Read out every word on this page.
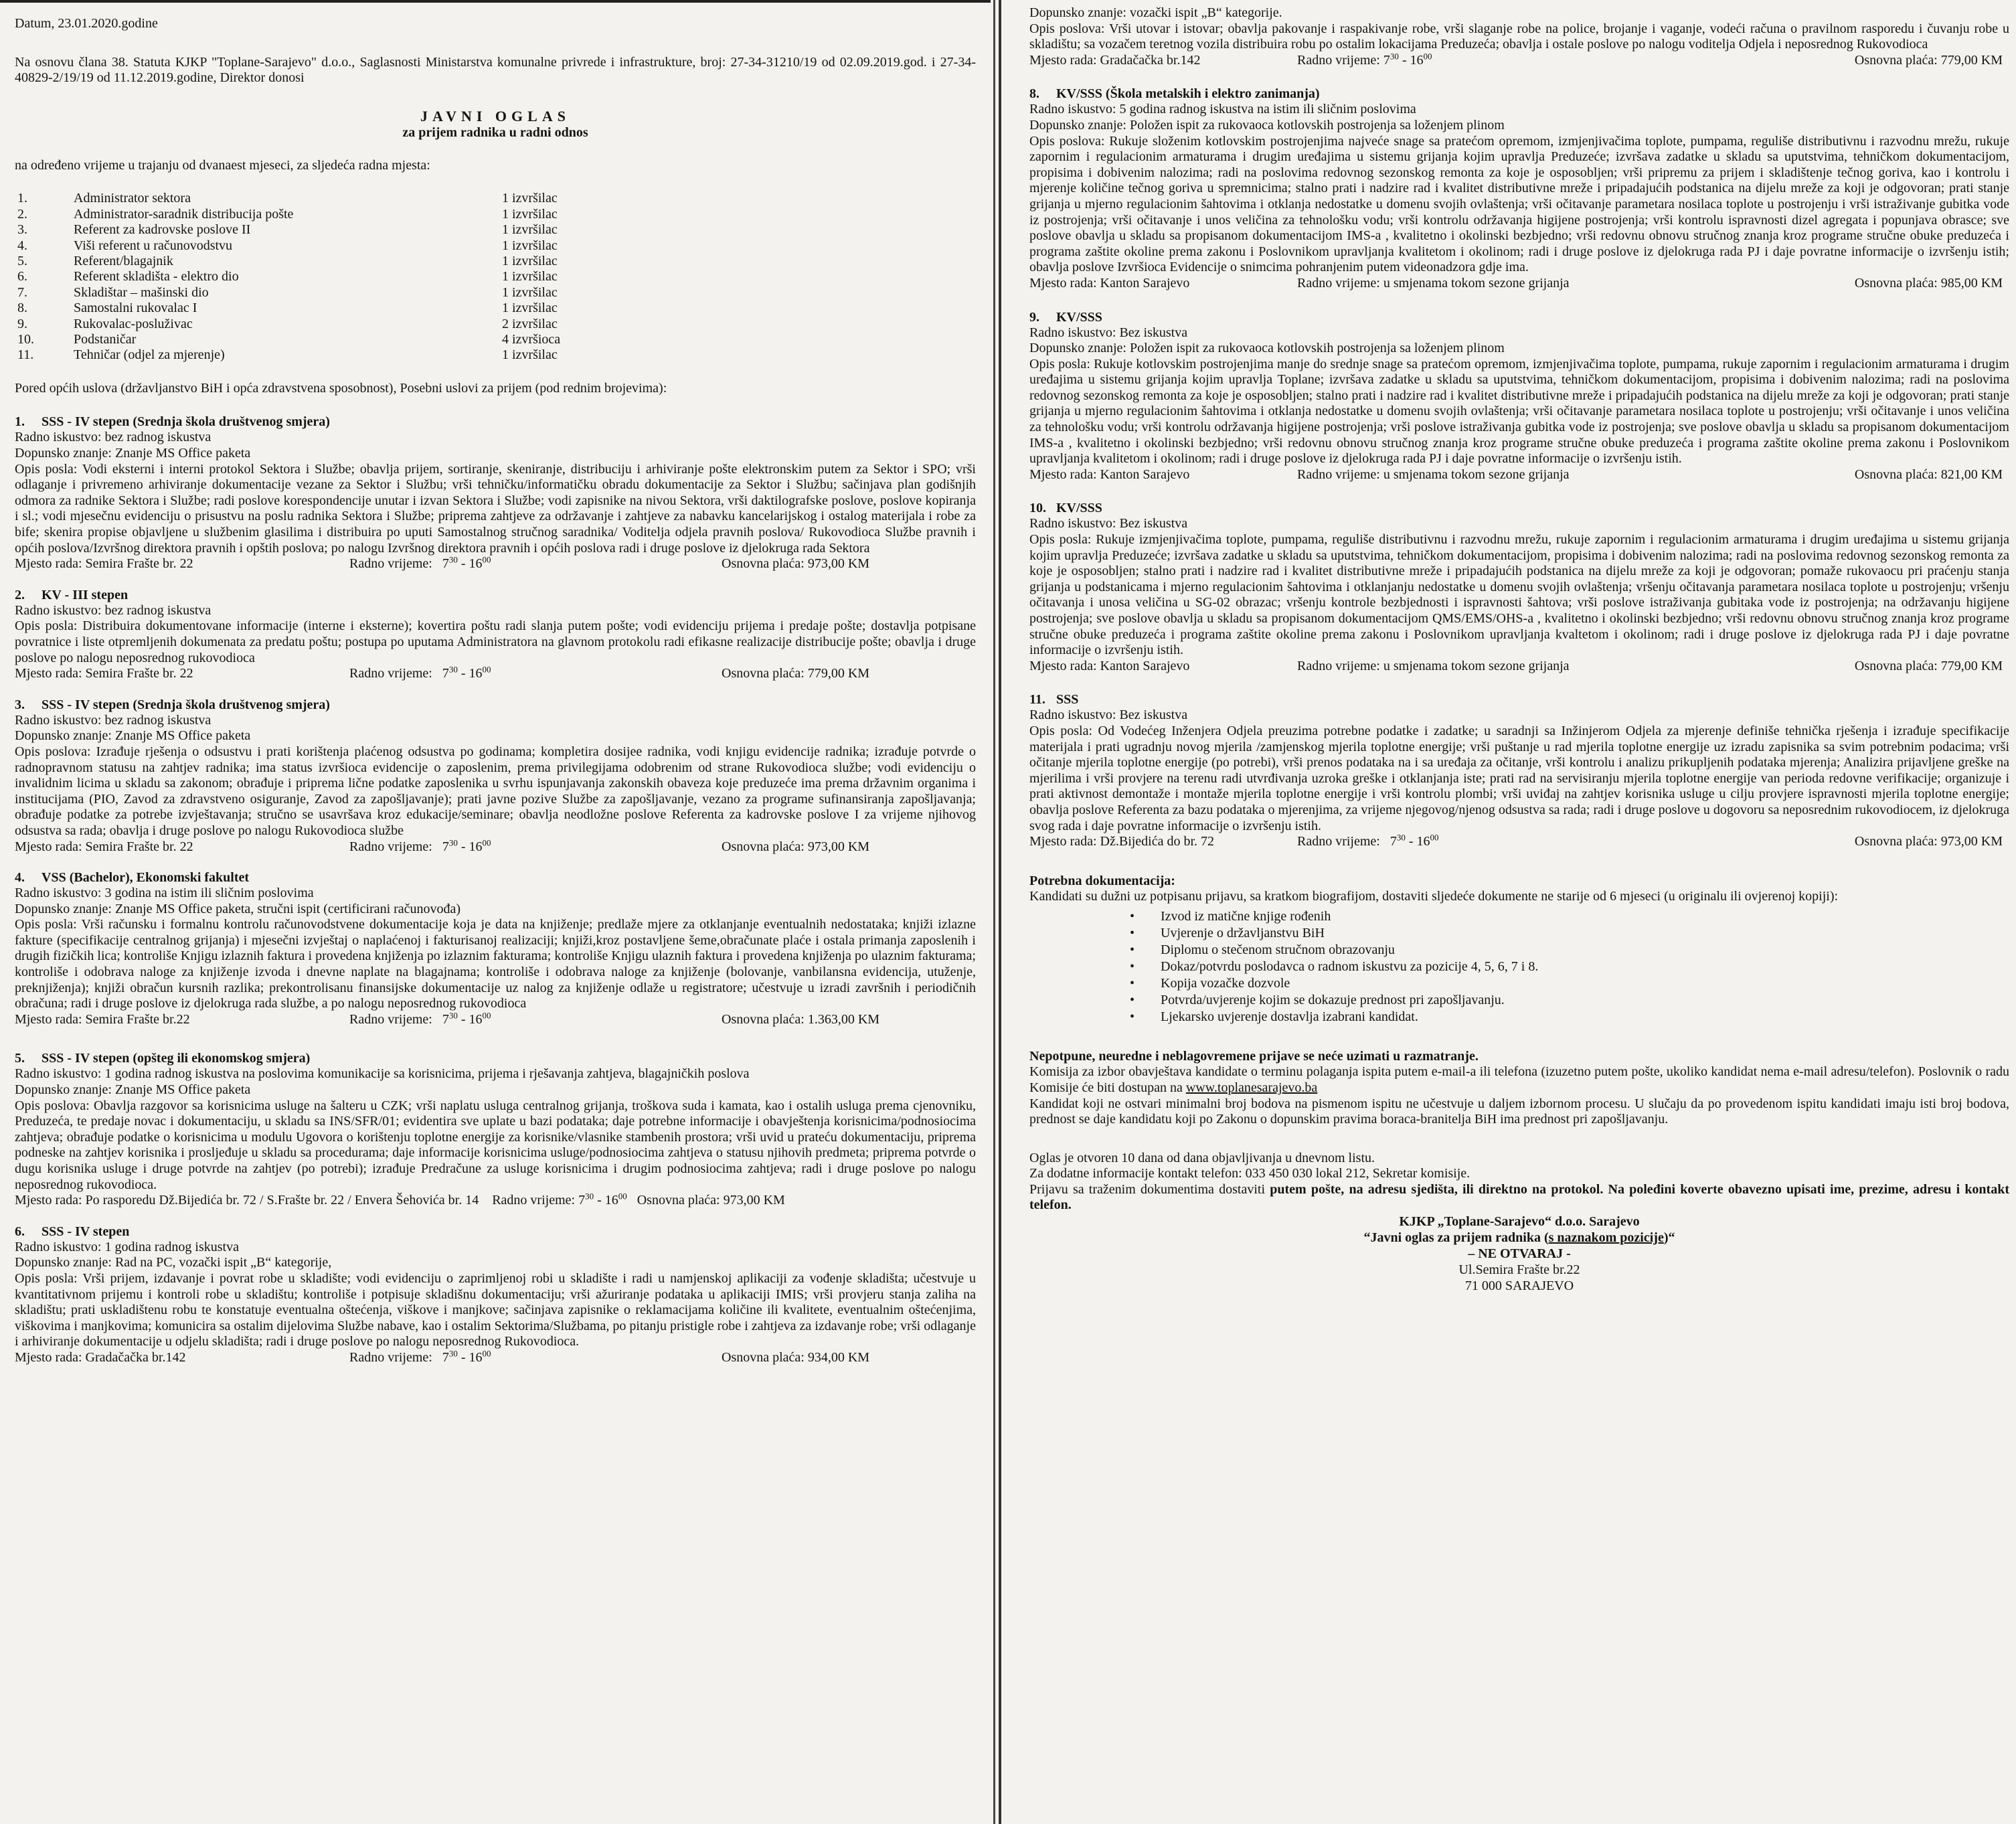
Datum, 23.01.2020.godine

Na osnovu člana 38. Statuta KJKP "Toplane-Sarajevo" d.o.o., Saglasnosti Ministarstva komunalne privrede i infrastrukture, broj: 27-34-31210/19 od 02.09.2019.god. i 27-34-40829-2/19/19 od 11.12.2019.godine, Direktor donosi

JAVNI OGLAS

za prijem radnika u radni odnos

na određeno vrijeme u trajanju od dvanaest mjeseci, za sljedeća radna mjesta:

1.	Administrator sektora	1 izvršilac
2.	Administrator-saradnik distribucija pošte	1 izvršilac
3.	Referent za kadrovske poslove II	1 izvršilac
4.	Viši referent u računovodstvu	1 izvršilac
5.	Referent/blagajnik	1 izvršilac
6.	Referent skladišta - elektro dio	1 izvršilac
7.	Skladištar – mašinski dio	1 izvršilac
8.	Samostalni rukovalac I	1 izvršilac
9.	Rukovalac-posluživac	2 izvršilac
10.	Podstaničar	4 izvršioca
11.	Tehničar (odjel za mjerenje)	1 izvršilac

Pored općih uslova (državljanstvo BiH i opća zdravstvena sposobnost), Posebni uslovi za prijem (pod rednim brojevima):

1. SSS - IV stepen (Srednja škola društvenog smjera)

Radno iskustvo: bez radnog iskustva

Dopunsko znanje: Znanje MS Office paketa

Opis posla: Vodi eksterni i interni protokol Sektora i Službe; obavlja prijem, sortiranje, skeniranje, distribuciju i arhiviranje pošte elektronskim putem za Sektor i SPO; vrši odlaganje i privremeno arhiviranje dokumentacije vezane za Sektor i Službu; vrši tehničku/informatičku obradu dokumentacije za Sektor i Službu; sačinjava plan godišnjih odmora za radnike Sektora i Službe; radi poslove korespondencije unutar i izvan Sektora i Službe; vodi zapisnike na nivou Sektora, vrši daktilografske poslove, poslove kopiranja i sl.; vodi mjesečnu evidenciju o prisustvu na poslu radnika Sektora i Službe; priprema zahtjeve za održavanje i zahtjeve za nabavku kancelarijskog i ostalog materijala i robe za bife; skenira propise objavljene u službenim glasilima i distribuira po uputi Samostalnog stručnog saradnika/ Voditelja odjela pravnih poslova/ Rukovodioca Službe pravnih i općih poslova/Izvršnog direktora pravnih i opštih poslova; po nalogu Izvršnog direktora pravnih i općih poslova radi i druge poslove iz djelokruga rada Sektora

Mjesto rada: Semira Frašte br. 22	Radno vrijeme: $7^{30} - 16^{00}$	Osnovna plaća: 973,00 KM

2. KV - III stepen

Radno iskustvo: bez radnog iskustva

Opis posla: Distribuira dokumentovane informacije (interne i eksterne); kovertira poštu radi slanja putem pošte; vodi evidenciju prijema i predaje pošte; dostavlja potpisane povratnice i liste otpremljenih dokumenata za predatu poštu; postupa po uputama Administratora na glavnom protokolu radi efikasne realizacije distribucije pošte; obavlja i druge poslove po nalogu neposrednog rukovodioca

Mjesto rada: Semira Frašte br. 22	Radno vrijeme: $7^{30} - 16^{00}$	Osnovna plaća: 779,00 KM

3. SSS - IV stepen (Srednja škola društvenog smjera)

Radno iskustvo: bez radnog iskustva

Dopunsko znanje: Znanje MS Office paketa

Opis poslova: Izrađuje rješenja o odsustvu i prati korištenja plaćenog odsustva po godinama; kompletira dosijee radnika, vodi knjigu evidencije radnika; izrađuje potvrde o radnopravnom statusu na zahtjev radnika; ima status izvršioca evidencije o zaposlenim, prema privilegijama odobrenim od strane Rukovodioca službe; vodi evidenciju o invalidnim licima u skladu sa zakonom; obrađuje i priprema lične podatke zaposlenika u svrhu ispunjavanja zakonskih obaveza koje preduzeće ima prema državnim organima i institucijama (PIO, Zavod za zdravstveno osiguranje, Zavod za zapošljavanje); prati javne pozive Službe za zapošljavanje, vezano za programe sufinansiranja zapošljavanja; obrađuje podatke za potrebe izvještavanja; stručno se usavršava kroz edukacije/seminare; obavlja neodložne poslove Referenta za kadrovske poslove I za vrijeme njihovog odsustva sa rada; obavlja i druge poslove po nalogu Rukovodioca službe

Mjesto rada: Semira Frašte br. 22	Radno vrijeme: $7^{30} - 16^{00}$	Osnovna plaća: 973,00 KM

4. VSS (Bachelor), Ekonomski fakultet

Radno iskustvo: 3 godina na istim ili sličnim poslovima

Dopunsko znanje: Znanje MS Office paketa, stručni ispit (certificirani računovođa)

Opis posla: Vrši računsku i formalnu kontrolu računovodstvene dokumentacije koja je data na knjiženje; predlaže mjere za otklanjanje eventualnih nedostataka; knjiži izlazne fakture (specifikacije centralnog grijanja) i mjesečni izvještaj o naplaćenoj i fakturisanoj realizaciji; knjiži,kroz postavljene šeme,obračunate plaće i ostala primanja zaposlenih i drugih fizičkih lica; kontroliše Knjigu izlaznih faktura i provedena knjiženja po izlaznim fakturama; kontroliše Knjigu ulaznih faktura i provedena knjiženja po ulaznim fakturama; kontroliše i odobrava naloge za knjiženje izvoda i dnevne naplate na blagajnama; kontroliše i odobrava naloge za knjiženje (bolovanje, vanbilansna evidencija, utuženje, preknjiženja); knjiži obračun kursnih razlika; prekontrolisanu finansijske dokumentacije uz nalog za knjiženje odlaže u registratore; učestvuje u izradi završnih i periodičnih obračuna; radi i druge poslove iz djelokruga rada službe, a po nalogu neposrednog rukovodioca

Mjesto rada: Semira Frašte br.22	Radno vrijeme: $7^{30} - 16^{00}$	Osnovna plaća: 1.363,00 KM

5. SSS - IV stepen (opšteg ili ekonomskog smjera)

Radno iskustvo: 1 godina radnog iskustva na poslovima komunikacije sa korisnicima, prijema i rješavanja zahtjeva, blagajničkih poslova

Dopunsko znanje: Znanje MS Office paketa

Opis poslova: Obavlja razgovor sa korisnicima usluge na šalteru u CZK; vrši naplatu usluga centralnog grijanja, troškova suda i kamata, kao i ostalih usluga prema cjenovniku, Preduzeća, te predaje novac i dokumentaciju, u skladu sa INS/SFR/01; evidentira sve uplate u bazi podataka; daje potrebne informacije i obavještenja korisnicima/podnosiocima zahtjeva; obrađuje podatke o korisnicima u modulu Ugovora o korištenju toplotne energije za korisnike/vlasnike stambenih prostora; vrši uvid u prateću dokumentaciju, priprema podneske na zahtjev korisnika i prosljeđuje u skladu sa procedurama; daje informacije korisnicima usluge/podnosiocima zahtjeva o statusu njihovih predmeta; priprema potvrde o dugu korisnika usluge i druge potvrde na zahtjev (po potrebi); izrađuje Predračune za usluge korisnicima i drugim podnosiocima zahtjeva; radi i druge poslove po nalogu neposrednog rukovodioca.

Mjesto rada: Po rasporedu Dž.Bijedića br. 72 / S.Frašte br. 22 / Envera Šehovića br. 14 Radno vrijeme: $7^{30} - 16^{00}$ Osnovna plaća: 973,00 KM

6. SSS - IV stepen

Radno iskustvo: 1 godina radnog iskustva

Dopunsko znanje: Rad na PC, vozački ispit „B“ kategorije,

Opis posla: Vrši prijem, izdavanje i povrat robe u skladište; vodi evidenciju o zaprimljenoj robi u skladište i radi u namjenskoj aplikaciji za vođenje skladišta; učestvuje u kvantitativnom prijemu i kontroli robe u skladištu; kontroliše i potpisuje skladišnu dokumentaciju; vrši ažuriranje podataka u aplikaciji IMIS; vrši provjeru stanja zaliha na skladištu; prati uskladištenu robu te konstatuje eventualna oštećenja, viškove i manjkove; sačinjava zapisnike o reklamacijama količine ili kvalitete, eventualnim oštećenjima, viškovima i manjkovima; komunicira sa ostalim dijelovima Službe nabave, kao i ostalim Sektorima/Službama, po pitanju pristigle robe i zahtjeva za izdavanje robe; vrši odlaganje i arhiviranje dokumentacije u odjelu skladišta; radi i druge poslove po nalogu neposrednog Rukovodioca.

Mjesto rada: Gradačačka br.142	Radno vrijeme: $7^{30} - 16^{00}$	Osnovna plaća: 934,00 KM

Dopunsko znanje: vozački ispit „B“ kategorije.

Opis poslova: Vrši utovar i istovar; obavlja pakovanje i raspakivanje robe, vrši slaganje robe na police, brojanje i vaganje, vodeći računa o pravilnom rasporedu i čuvanju robe u skladištu; sa vozačem teretnog vozila distribuira robu po ostalim lokacijama Preduzeća; obavlja i ostale poslove po nalogu voditelja Odjela i neposrednog Rukovodioca

Mjesto rada: Gradačačka br.142	Radno vrijeme: $7^{30} - 16^{00}$	Osnovna plaća: 779,00 KM

8. KV/SSS (Škola metalskih i elektro zanimanja)

Radno iskustvo: 5 godina radnog iskustva na istim ili sličnim poslovima

Dopunsko znanje: Položen ispit za rukovaoca kotlovskih postrojenja sa loženjem plinom

Opis poslova: Rukuje složenim kotlovskim postrojenjima najveće snage sa pratećom opremom, izmjenjivačima toplote, pumpama, reguliše distributivnu i razvodnu mrežu, rukuje zapornim i regulacionim armaturama i drugim uređajima u sistemu grijanja kojim upravlja Preduzeće; izvršava zadatke u skladu sa uputstvima, tehničkom dokumentacijom, propisima i dobivenim nalozima; radi na poslovima redovnog sezonskog remonta za koje je osposobljen; vrši pripremu za prijem i skladištenje tečnog goriva, kao i kontrolu i mjerenje količine tečnog goriva u spremnicima; stalno prati i nadzire rad i kvalitet distributivne mreže i pripadajućih podstanica na dijelu mreže za koji je odgovoran; prati stanje grijanja u mjerno regulacionim šahtovima i otklanja nedostatke u domenu svojih ovlaštenja; vrši očitavanje parametara nosilaca toplote u postrojenju i vrši istraživanje gubitka vode iz postrojenja; vrši očitavanje i unos veličina za tehnološku vodu; vrši kontrolu održavanja higijene postrojenja; vrši kontrolu ispravnosti dizel agregata i popunjava obrasce; sve poslove obavlja u skladu sa propisanom dokumentacijom IMS-a , kvalitetno i okolinski bezbjedno; vrši redovnu obnovu stručnog znanja kroz programe stručne obuke preduzeća i programa zaštite okoline prema zakonu i Poslovnikom upravljanja kvalitetom i okolinom; radi i druge poslove iz djelokruga rada PJ i daje povratne informacije o izvršenju istih; obavlja poslove Izvršioca Evidencije o snimcima pohranjenim putem videonadzora gdje ima.

Mjesto rada: Kanton Sarajevo	Radno vrijeme: u smjenama tokom sezone grijanja	Osnovna plaća: 985,00 KM

9. KV/SSS

Radno iskustvo: Bez iskustva

Dopunsko znanje: Položen ispit za rukovaoca kotlovskih postrojenja sa loženjem plinom

Opis posla: Rukuje kotlovskim postrojenjima manje do srednje snage sa pratećom opremom, izmjenjivačima toplote, pumpama, rukuje zapornim i regulacionim armaturama i drugim uređajima u sistemu grijanja kojim upravlja Toplane; izvršava zadatke u skladu sa uputstvima, tehničkom dokumentacijom, propisima i dobivenim nalozima; radi na poslovima redovnog sezonskog remonta za koje je osposobljen; stalno prati i nadzire rad i kvalitet distributivne mreže i pripadajućih podstanica na dijelu mreže za koji je odgovoran; prati stanje grijanja u mjerno regulacionim šahtovima i otklanja nedostatke u domenu svojih ovlaštenja; vrši očitavanje parametara nosilaca toplote u postrojenju; vrši očitavanje i unos veličina za tehnološku vodu; vrši kontrolu održavanja higijene postrojenja; vrši poslove istraživanja gubitka vode iz postrojenja; sve poslove obavlja u skladu sa propisanom dokumentacijom IMS-a , kvalitetno i okolinski bezbjedno; vrši redovnu obnovu stručnog znanja kroz programe stručne obuke preduzeća i programa zaštite okoline prema zakonu i Poslovnikom upravljanja kvalitetom i okolinom; radi i druge poslove iz djelokruga rada PJ i daje povratne informacije o izvršenju istih.

Mjesto rada: Kanton Sarajevo	Radno vrijeme: u smjenama tokom sezone grijanja	Osnovna plaća: 821,00 KM

10. KV/SSS

Radno iskustvo: Bez iskustva

Opis posla: Rukuje izmjenjivačima toplote, pumpama, reguliše distributivnu i razvodnu mrežu, rukuje zapornim i regulacionim armaturama i drugim uređajima u sistemu grijanja kojim upravlja Preduzeće; izvršava zadatke u skladu sa uputstvima, tehničkom dokumentacijom, propisima i dobivenim nalozima; radi na poslovima redovnog sezonskog remonta za koje je osposobljen; stalno prati i nadzire rad i kvalitet distributivne mreže i pripadajućih podstanica na dijelu mreže za koji je odgovoran; pomaže rukovaocu pri praćenju stanja grijanja u podstanicama i mjerno regulacionim šahtovima i otklanjanju nedostatke u domenu svojih ovlaštenja; vršenju očitavanja parametara nosilaca toplote u postrojenju; vršenju očitavanja i unosa veličina u SG-02 obrazac; vršenju kontrole bezbjednosti i ispravnosti šahtova; vrši poslove istraživanja gubitaka vode iz postrojenja; na održavanju higijene postrojenja; sve poslove obavlja u skladu sa propisanom dokumentacijom QMS/EMS/OHS-a , kvalitetno i okolinski bezbjedno; vrši redovnu obnovu stručnog znanja kroz programe stručne obuke preduzeća i programa zaštite okoline prema zakonu i Poslovnikom upravljanja kvaltetom i okolinom; radi i druge poslove iz djelokruga rada PJ i daje povratne informacije o izvršenju istih.

Mjesto rada: Kanton Sarajevo	Radno vrijeme: u smjenama tokom sezone grijanja	Osnovna plaća: 779,00 KM

11. SSS

Radno iskustvo: Bez iskustva

Opis posla: Od Vodećeg Inženjera Odjela preuzima potrebne podatke i zadatke; u saradnji sa Inžinjerom Odjela za mjerenje definiše tehnička rješenja i izrađuje specifikacije materijala i prati ugradnju novog mjerila /zamjenskog mjerila toplotne energije; vrši puštanje u rad mjerila toplotne energije uz izradu zapisnika sa svim potrebnim podacima; vrši očitanje mjerila toplotne energije (po potrebi), vrši prenos podataka na i sa uređaja za očitanje, vrši kontrolu i analizu prikupljenih podataka mjerenja; Analizira prijavljene greške na mjerilima i vrši provjere na terenu radi utvrđivanja uzroka greške i otklanjanja iste; prati rad na servisiranju mjerila toplotne energije van perioda redovne verifikacije; organizuje i prati aktivnost demontaže i montaže mjerila toplotne energije i vrši kontrolu plombi; vrši uviđaj na zahtjev korisnika usluge u cilju provjere ispravnosti mjerila toplotne energije; obavlja poslove Referenta za bazu podataka o mjerenjima, za vrijeme njegovog/njenog odsustva sa rada; radi i druge poslove u dogovoru sa neposrednim rukovodiocem, iz djelokruga svog rada i daje povratne informacije o izvršenju istih.

Mjesto rada: Dž.Bijedića do br. 72	Radno vrijeme: $7^{30} - 16^{00}$	Osnovna plaća: 973,00 KM

Potrebna dokumentacija:

Kandidati su dužni uz potpisanu prijavu, sa kratkom biografijom, dostaviti sljedeće dokumente ne starije od 6 mjeseci (u originalu ili ovjerenoj kopiji):

• Izvod iz matične knjige rođenih
• Uvjerenje o državljanstvu BiH
• Diplomu o stečenom stručnom obrazovanju
• Dokaz/potvrdu poslodavca o radnom iskustvu za pozicije 4, 5, 6, 7 i 8.
• Kopija vozačke dozvole
• Potvrda/uvjerenje kojim se dokazuje prednost pri zapošljavanju.
• Ljekarsko uvjerenje dostavlja izabrani kandidat.

Nepotpune, neuredne i neblagovremene prijave se neće uzimati u razmatranje.

Komisija za izbor obavještava kandidate o terminu polaganja ispita putem e-mail-a ili telefona (izuzetno putem pošte, ukoliko kandidat nema e-mail adresu/telefon). Poslovnik o radu Komisije će biti dostupan na www.toplanesarajevo.ba

Kandidat koji ne ostvari minimalni broj bodova na pismenom ispitu ne učestvuje u daljem izbornom procesu. U slučaju da po provedenom ispitu kandidati imaju isti broj bodova, prednost se daje kandidatu koji po Zakonu o dopunskim pravima boraca-branitelja BiH ima prednost pri zapošljavanju.

Oglas je otvoren 10 dana od dana objavljivanja u dnevnom listu.

Za dodatne informacije kontakt telefon: 033 450 030 lokal 212, Sekretar komisije.

Prijavu sa traženim dokumentima dostaviti putem pošte, na adresu sjedišta, ili direktno na protokol. Na poleđini koverte obavezno upisati ime, prezime, adresu i kontakt telefon.

KJKP „Toplane-Sarajevo“ d.o.o. Sarajevo

“Javni oglas za prijem radnika (s naznakom pozicije)“

– NE OTVARAJ -

Ul.Semira Frašte br.22

71 000 SARAJEVO
